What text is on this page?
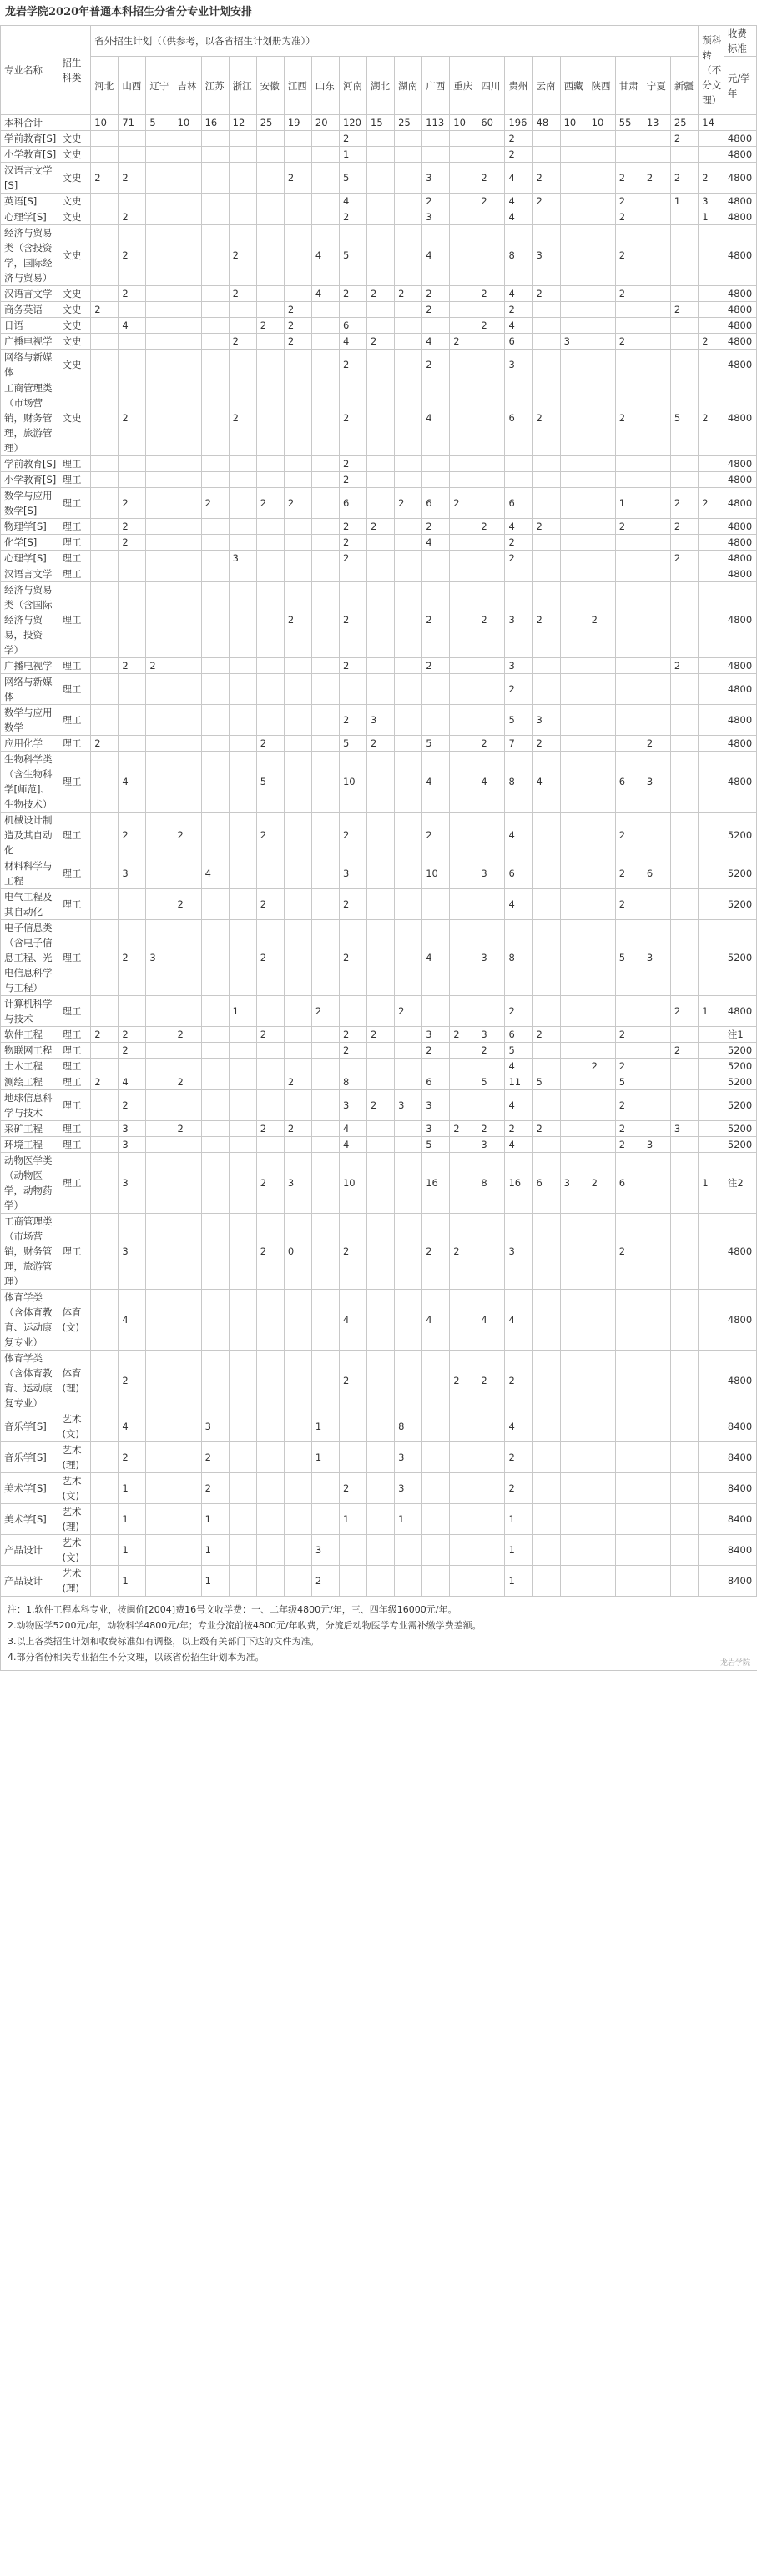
龙岩学院2020年普通本科招生分省分专业计划安排
专业名称	招生科类	省外招生计划（（供参考，以各省招生计划册为准））																						预科转（不分文理）	收费标准
		河北	山西	辽宁	吉林	江苏	浙江	安徽	江西	山东	河南	湖北	湖南	广西	重庆	四川	贵州	云南	西藏	陕西	甘肃	宁夏	新疆		元/学年
本科合计		10	71	5	10	16	12	25	19	20	120	15	25	113	10	60	196	48	10	10	55	13	25	14	
学前教育[S]	文史										2						2						2		4800
小学教育[S]	文史										1						2								4800
汉语言文学[S]	文史	2	2						2		5			3		2	4	2			2	2	2	2	4800
英语[S]	文史										4			2		2	4	2			2		1	3	4800
心理学[S]	文史		2								2			3			4				2			1	4800
经济与贸易类（含投资学，国际经济与贸易）	文史		2				2			4	5			4			8	3			2				4800
汉语言文学	文史		2				2			4	2	2	2	2		2	4	2			2				4800
商务英语	文史	2							2					2			2						2		4800
日语	文史		4					2	2		6					2	4								4800
广播电视学	文史						2		2		4	2		4	2		6		3		2			2	4800
网络与新媒体	文史										2			2			3								4800
工商管理类（市场营销，财务管理，旅游管理）	文史		2				2				2			4			6	2			2		5	2	4800
学前教育[S]	理工										2														4800
小学教育[S]	理工										2														4800
数学与应用数学[S]	理工		2			2		2	2		6		2	6	2		6				1		2	2	4800
物理学[S]	理工		2								2	2		2		2	4	2			2		2		4800
化学[S]	理工		2								2			4			2								4800
心理学[S]	理工						3				2						2						2		4800
汉语言文学	理工																								4800
经济与贸易类（含国际经济与贸易，投资学）	理工								2		2			2		2	3	2		2					4800
广播电视学	理工		2	2							2			2			3						2		4800
网络与新媒体	理工																2								4800
数学与应用数学	理工										2	3					5	3							4800
应用化学	理工	2						2			5	2		5		2	7	2				2			4800
生物科学类（含生物科学[师范]、生物技术）	理工		4					5			10			4		4	8	4			6	3			4800
机械设计制造及其自动化	理工		2		2			2			2			2			4				2				5200
材料科学与工程	理工		3			4					3			10		3	6				2	6			5200
电气工程及其自动化	理工				2			2			2						4				2				5200
电子信息类（含电子信息工程、光电信息科学与工程）	理工		2	3				2			2			4		3	8				5	3			5200
计算机科学与技术	理工						1			2			2				2						2	1	4800
软件工程	理工	2	2		2			2			2	2		3	2	3	6	2			2				注1
物联网工程	理工		2								2			2		2	5						2		5200
土木工程	理工																4			2	2				5200
测绘工程	理工	2	4		2				2		8			6		5	11	5			5				5200
地球信息科学与技术	理工		2								3	2	3	3			4				2				5200
采矿工程	理工		3		2			2	2		4			3	2	2	2	2			2		3		5200
环境工程	理工		3								4			5		3	4				2	3			5200
动物医学类（动物医学，动物药学）	理工		3					2	3		10			16		8	16	6	3	2	6			1	注2
工商管理类（市场营销，财务管理，旅游管理）	理工		3					2	0		2			2	2		3				2				4800
体育学类（含体育教育、运动康复专业）	体育(文)		4								4			4		4	4								4800
体育学类（含体育教育、运动康复专业）	体育(理)		2								2				2	2	2								4800
音乐学[S]	艺术(文)		4			3				1			8				4								8400
音乐学[S]	艺术(理)		2			2				1			3				2								8400
美术学[S]	艺术(文)		1			2					2		3				2								8400
美术学[S]	艺术(理)		1			1					1		1				1								8400
产品设计	艺术(文)		1			1				3							1								8400
产品设计	艺术(理)		1			1				2							1								8400
注：1.软件工程本科专业，按闽价[2004]费16号文收学费：一、二年级4800元/年，三、四年级16000元/年。
2.动物医学5200元/年，动物科学4800元/年；专业分流前按4800元/年收费，分流后动物医学专业需补缴学费差额。
3.以上各类招生计划和收费标准如有调整，以上级有关部门下达的文件为准。
4.部分省份相关专业招生不分文理，以该省份招生计划本为准。
龙岩学院
